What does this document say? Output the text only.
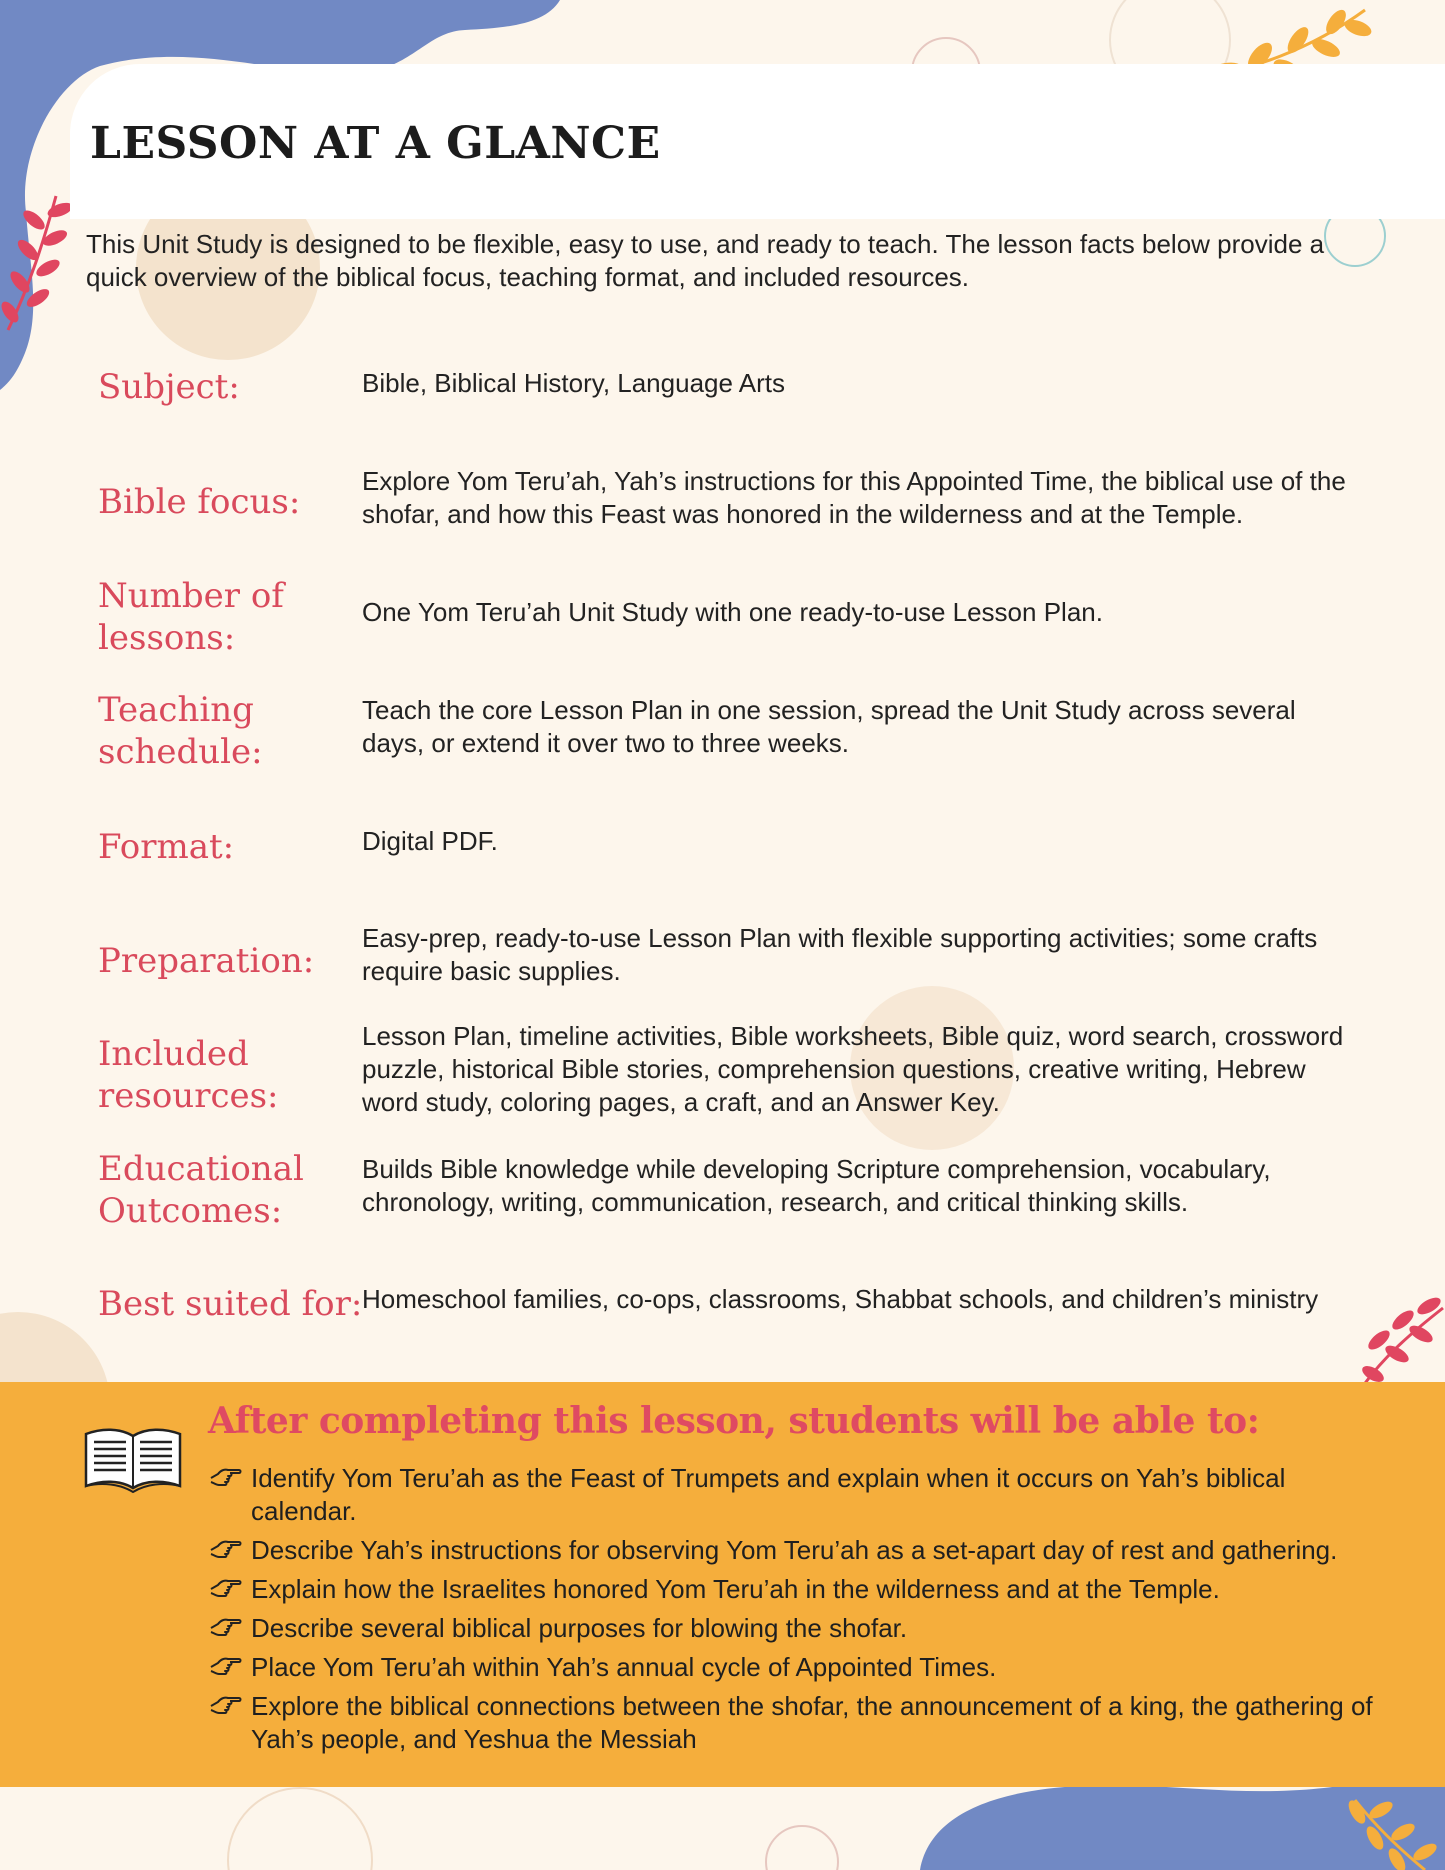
LESSON AT A GLANCE

This Unit Study is designed to be flexible, easy to use, and ready to teach. The lesson facts below provide a quick overview of the biblical focus, teaching format, and included resources.

Subject:	Bible, Biblical History, Language Arts
Bible focus:
Explore Yom Teru’ah, Yah’s instructions for this Appointed Time, the biblical use of the shofar, and how this Feast was honored in the wilderness and at the Temple.
Number of lessons:
One Yom Teru’ah Unit Study with one ready-to-use Lesson Plan.
Teaching schedule:
Teach the core Lesson Plan in one session, spread the Unit Study across several days, or extend it over two to three weeks.
Format:	Digital PDF.
Preparation:
Easy-prep, ready-to-use Lesson Plan with flexible supporting activities; some crafts require basic supplies.
Included resources:
Lesson Plan, timeline activities, Bible worksheets, Bible quiz, word search, crossword puzzle, historical Bible stories, comprehension questions, creative writing, Hebrew word study, coloring pages, a craft, and an Answer Key.
Educational Outcomes:
Builds Bible knowledge while developing Scripture comprehension, vocabulary, chronology, writing, communication, research, and critical thinking skills.
Best suited for: Homeschool families, co-ops, classrooms, Shabbat schools, and children’s ministry
After completing this lesson, students will be able to:
Identify Yom Teru’ah as the Feast of Trumpets and explain when it occurs on Yah’s biblical calendar.
Describe Yah’s instructions for observing Yom Teru’ah as a set-apart day of rest and gathering.
Explain how the Israelites honored Yom Teru’ah in the wilderness and at the Temple.
Describe several biblical purposes for blowing the shofar.
Place Yom Teru’ah within Yah’s annual cycle of Appointed Times.
Explore the biblical connections between the shofar, the announcement of a king, the gathering of Yah’s people, and Yeshua the Messiah
